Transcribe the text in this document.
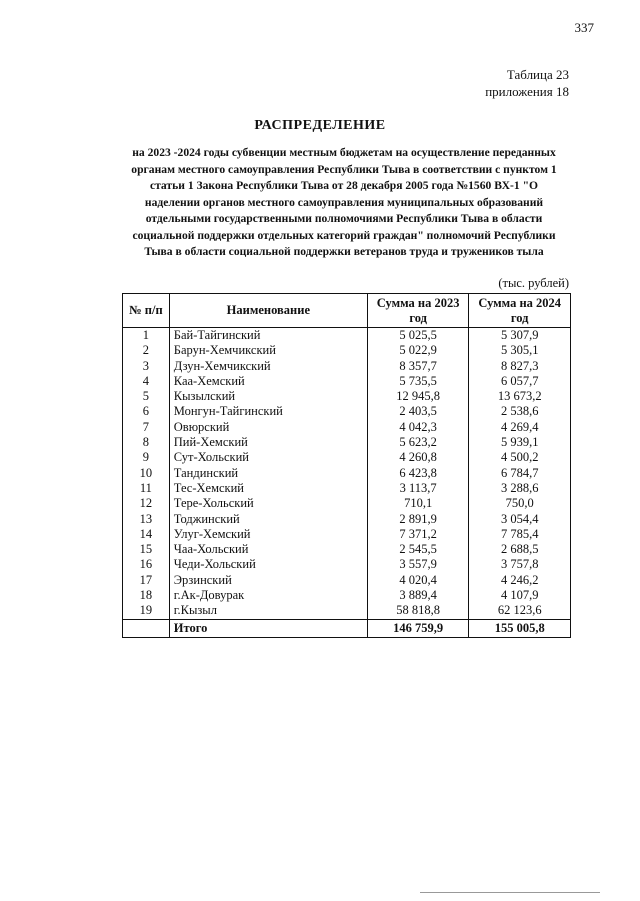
337
Таблица 23
приложения 18
РАСПРЕДЕЛЕНИЕ
на 2023 -2024 годы субвенции местным бюджетам на осуществление переданных органам местного самоуправления Республики Тыва в соответствии с пунктом 1 статьи 1 Закона Республики Тыва от 28 декабря 2005 года №1560 ВХ-1 "О наделении органов местного самоуправления муниципальных образований отдельными государственными полномочиями Республики Тыва в области социальной поддержки отдельных категорий граждан" полномочий Республики Тыва в области социальной поддержки ветеранов труда и тружеников тыла
(тыс. рублей)
№ п/п	Наименование	Сумма на 2023 год	Сумма на 2024 год
1	Бай-Тайгинский	5 025,5	5 307,9
2	Барун-Хемчикский	5 022,9	5 305,1
3	Дзун-Хемчикский	8 357,7	8 827,3
4	Каа-Хемский	5 735,5	6 057,7
5	Кызылский	12 945,8	13 673,2
6	Монгун-Тайгинский	2 403,5	2 538,6
7	Овюрский	4 042,3	4 269,4
8	Пий-Хемский	5 623,2	5 939,1
9	Сут-Хольский	4 260,8	4 500,2
10	Тандинский	6 423,8	6 784,7
11	Тес-Хемский	3 113,7	3 288,6
12	Тере-Хольский	710,1	750,0
13	Тоджинский	2 891,9	3 054,4
14	Улуг-Хемский	7 371,2	7 785,4
15	Чаа-Хольский	2 545,5	2 688,5
16	Чеди-Хольский	3 557,9	3 757,8
17	Эрзинский	4 020,4	4 246,2
18	г.Ак-Довурак	3 889,4	4 107,9
19	г.Кызыл	58 818,8	62 123,6
	Итого	146 759,9	155 005,8
